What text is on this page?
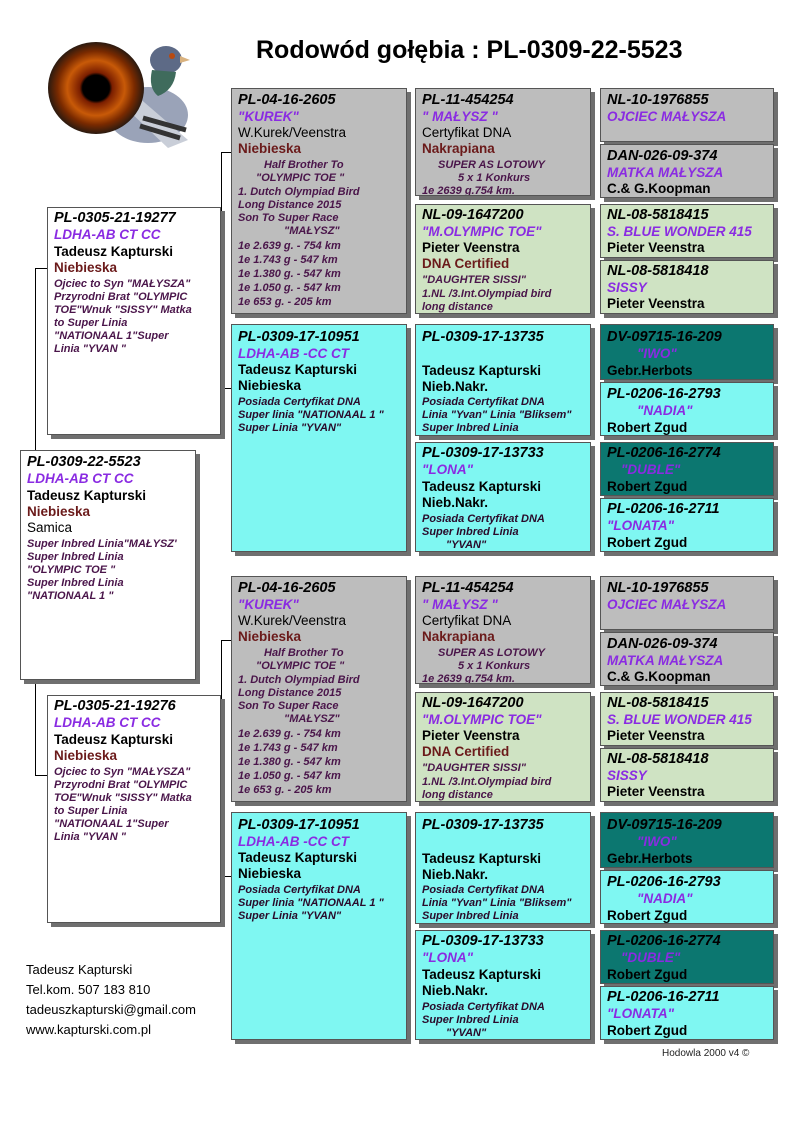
Rodowód gołębia : PL-0309-22-5523
PL-0309-22-5523
LDHA-AB CT CC
Tadeusz Kapturski
Niebieska
Samica
Super Inbred Linia"MAŁYSZ'
Super Inbred Linia
"OLYMPIC TOE "
Super Inbred Linia
"NATIONAAL 1 "
PL-0305-21-19277
LDHA-AB CT CC
Tadeusz Kapturski
Niebieska
Ojciec to Syn "MAŁYSZA"
Przyrodni Brat "OLYMPIC
TOE"Wnuk "SISSY" Matka
to Super Linia
"NATIONAAL 1"Super
Linia "YVAN "
PL-0305-21-19276
LDHA-AB CT CC
Tadeusz Kapturski
Niebieska
Ojciec to Syn "MAŁYSZA"
Przyrodni Brat "OLYMPIC
TOE"Wnuk "SISSY" Matka
to Super Linia
"NATIONAAL 1"Super
Linia "YVAN "
PL-04-16-2605
"KUREK"
W.Kurek/Veenstra
Niebieska
Half Brother To
"OLYMPIC TOE "
1. Dutch Olympiad Bird
Long Distance 2015
Son To Super Race
"MAŁYSZ"
1e 2.639 g. - 754 km
1e 1.743 g - 547 km
1e 1.380 g. - 547 km
1e 1.050 g. - 547 km
1e 653 g. - 205 km
PL-0309-17-10951
LDHA-AB -CC CT
Tadeusz Kapturski
Niebieska
Posiada Certyfikat DNA
Super linia "NATIONAAL 1 "
Super Linia "YVAN"
PL-11-454254
" MAŁYSZ "
Certyfikat DNA
Nakrapiana
SUPER AS LOTOWY
5 x 1 Konkurs
1e 2639 g.754 km.
NL-09-1647200
"M.OLYMPIC TOE"
Pieter Veenstra
DNA Certified
"DAUGHTER SISSI"
1.NL /3.Int.Olympiad bird
long distance
PL-0309-17-13735
Tadeusz Kapturski
Nieb.Nakr.
Posiada Certyfikat DNA
Linia "Yvan" Linia "Bliksem"
Super Inbred Linia
PL-0309-17-13733
"LONA"
Tadeusz Kapturski
Nieb.Nakr.
Posiada Certyfikat DNA
Super Inbred Linia
"YVAN"
NL-10-1976855
OJCIEC MAŁYSZA
DAN-026-09-374
MATKA MAŁYSZA
C.& G.Koopman
NL-08-5818415
S. BLUE WONDER 415
Pieter Veenstra
NL-08-5818418
SISSY
Pieter Veenstra
DV-09715-16-209
"IWO"
Gebr.Herbots
PL-0206-16-2793
"NADIA"
Robert Zgud
PL-0206-16-2774
"DUBLE"
Robert Zgud
PL-0206-16-2711
"LONATA"
Robert Zgud
PL-04-16-2605
"KUREK"
W.Kurek/Veenstra
Niebieska
Half Brother To
"OLYMPIC TOE "
1. Dutch Olympiad Bird
Long Distance 2015
Son To Super Race
"MAŁYSZ"
1e 2.639 g. - 754 km
1e 1.743 g - 547 km
1e 1.380 g. - 547 km
1e 1.050 g. - 547 km
1e 653 g. - 205 km
PL-0309-17-10951
LDHA-AB -CC CT
Tadeusz Kapturski
Niebieska
Posiada Certyfikat DNA
Super linia "NATIONAAL 1 "
Super Linia "YVAN"
PL-11-454254
" MAŁYSZ "
Certyfikat DNA
Nakrapiana
SUPER AS LOTOWY
5 x 1 Konkurs
1e 2639 g.754 km.
NL-09-1647200
"M.OLYMPIC TOE"
Pieter Veenstra
DNA Certified
"DAUGHTER SISSI"
1.NL /3.Int.Olympiad bird
long distance
PL-0309-17-13735
Tadeusz Kapturski
Nieb.Nakr.
Posiada Certyfikat DNA
Linia "Yvan" Linia "Bliksem"
Super Inbred Linia
PL-0309-17-13733
"LONA"
Tadeusz Kapturski
Nieb.Nakr.
Posiada Certyfikat DNA
Super Inbred Linia
"YVAN"
NL-10-1976855
OJCIEC MAŁYSZA
DAN-026-09-374
MATKA MAŁYSZA
C.& G.Koopman
NL-08-5818415
S. BLUE WONDER 415
Pieter Veenstra
NL-08-5818418
SISSY
Pieter Veenstra
DV-09715-16-209
"IWO"
Gebr.Herbots
PL-0206-16-2793
"NADIA"
Robert Zgud
PL-0206-16-2774
"DUBLE"
Robert Zgud
PL-0206-16-2711
"LONATA"
Robert Zgud
Tadeusz Kapturski
Tel.kom. 507 183 810
tadeuszkapturski@gmail.com
www.kapturski.com.pl
Hodowla 2000 v4 ©
